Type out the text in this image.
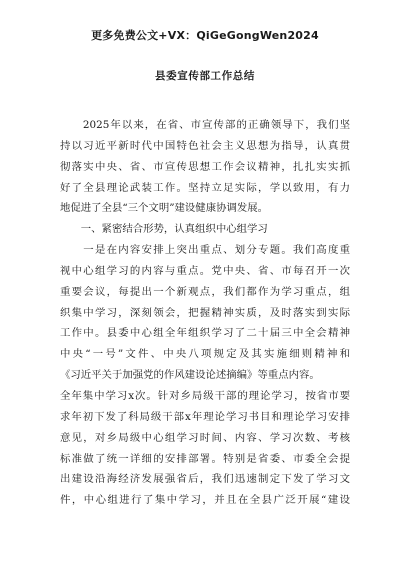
更多免费公文+VX：QiGeGongWen2024
县委宣传部工作总结
　　2025年以来，在省、市宣传部的正确领导下，我们坚
持以习近平新时代中国特色社会主义思想为指导，认真贯
彻落实中央、省、市宣传思想工作会议精神，扎扎实实抓
好了全县理论武装工作。坚持立足实际，学以致用，有力
地促进了全县“三个文明”建设健康协调发展。
　　一、紧密结合形势，认真组织中心组学习
　　一是在内容安排上突出重点、划分专题。我们高度重
视中心组学习的内容与重点。党中央、省、市每召开一次
重要会议，每提出一个新观点，我们都作为学习重点，组
织集中学习，深刻领会，把握精神实质，及时落实到实际
工作中。县委中心组全年组织学习了二十届三中全会精神
中央“一号”文件、中央八项规定及其实施细则精神和
《习近平关于加强党的作风建设论述摘编》等重点内容。
全年集中学习x次。针对乡局级干部的理论学习，按省市要
求年初下发了科局级干部x年理论学习书目和理论学习安排
意见，对乡局级中心组学习时间、内容、学习次数、考核
标准做了统一详细的安排部署。特别是省委、市委全会提
出建设沿海经济发展强省后，我们迅速制定下发了学习文
件，中心组进行了集中学习，并且在全县广泛开展“建设
